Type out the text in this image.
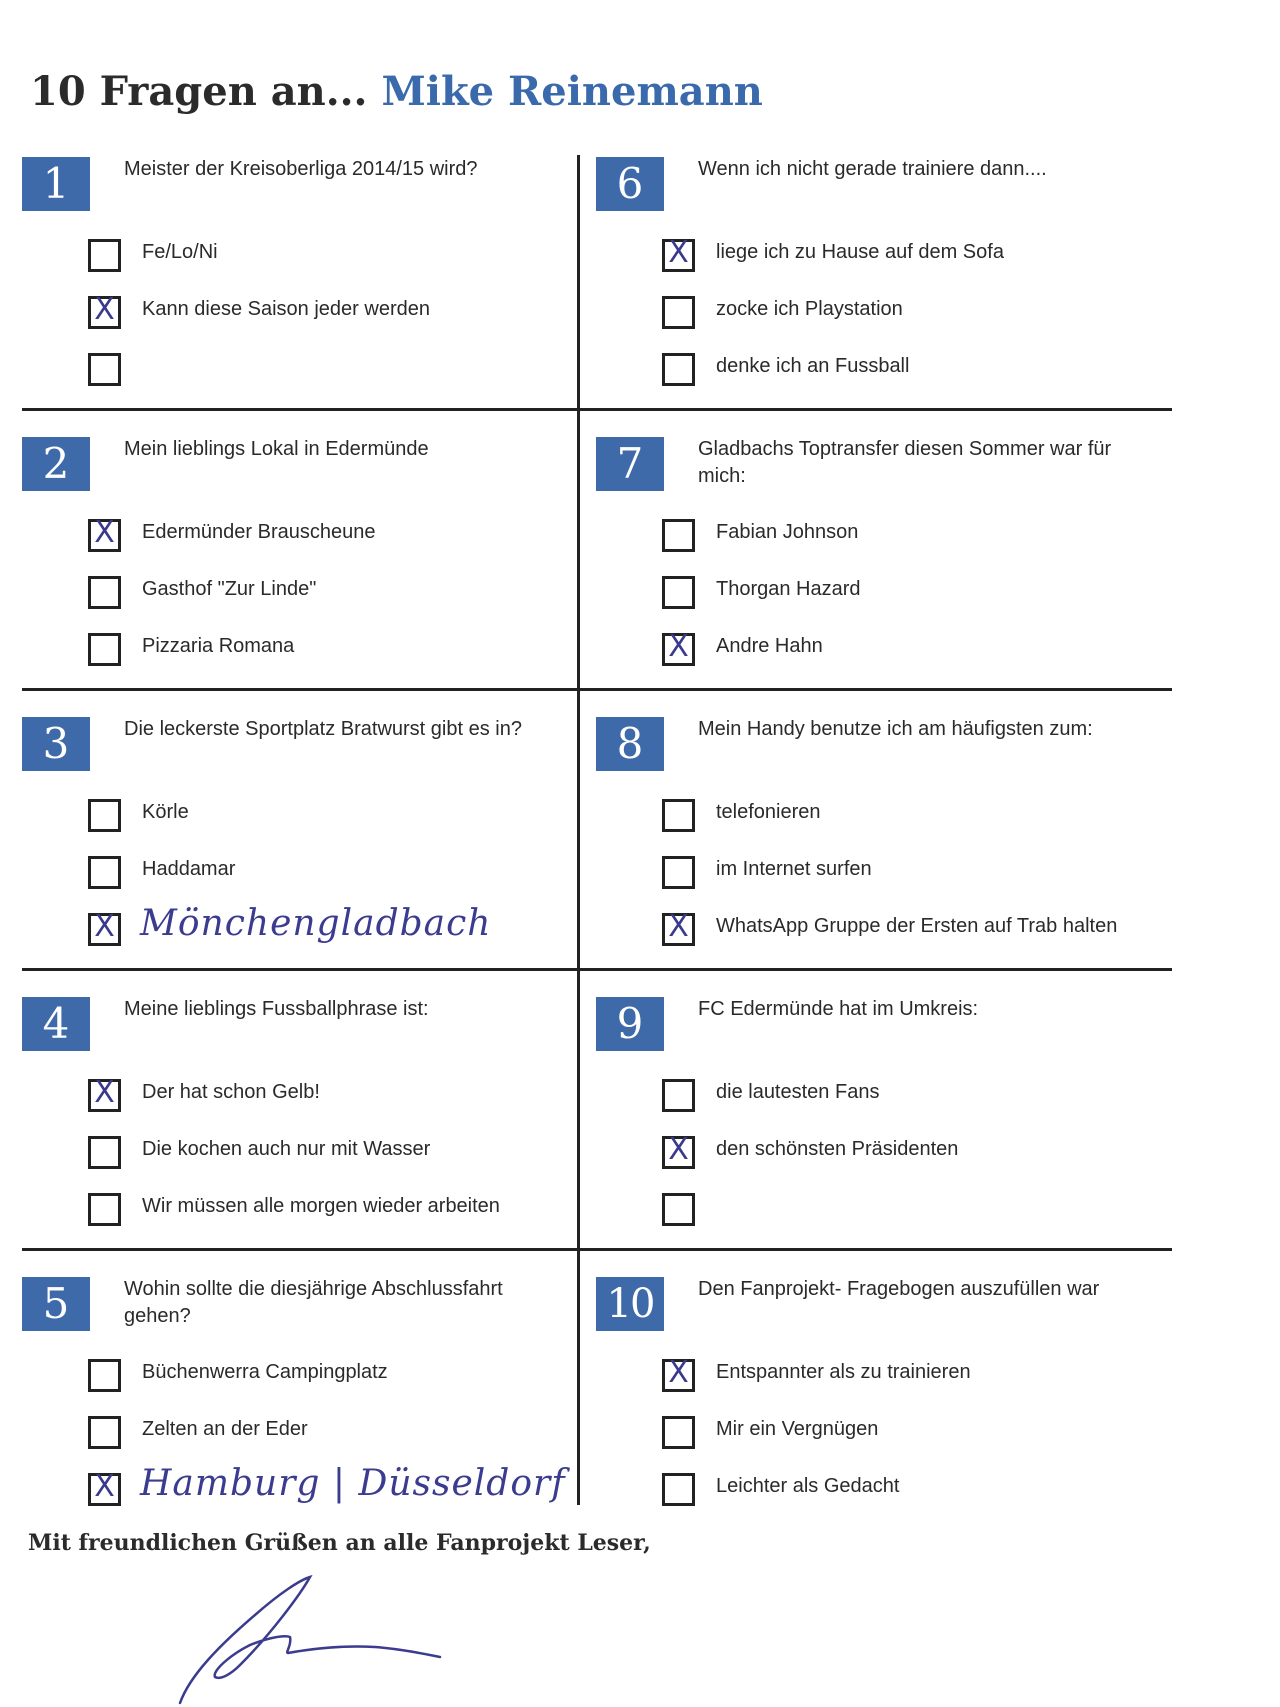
10 Fragen an... Mike Reinemann
1	Meister der Kreisoberliga 2014/15 wird?
Fe/Lo/Ni
X Kann diese Saison jeder werden
2	Mein lieblings Lokal in Edermünde
X Edermünder Brauscheune
Gasthof "Zur Linde"
Pizzaria Romana
3	Die leckerste Sportplatz Bratwurst gibt es in?
Körle
Haddamar
X Mönchengladbach
4	Meine lieblings Fussballphrase ist:
X Der hat schon Gelb!
Die kochen auch nur mit Wasser
Wir müssen alle morgen wieder arbeiten
5	Wohin sollte die diesjährige Abschlussfahrt gehen?
Büchenwerra Campingplatz
Zelten an der Eder
X Hamburg | Düsseldorf
6	Wenn ich nicht gerade trainiere dann....
X liege ich zu Hause auf dem Sofa
zocke ich Playstation
denke ich an Fussball
7	Gladbachs Toptransfer diesen Sommer war für mich:
Fabian Johnson
Thorgan Hazard
X Andre Hahn
8	Mein Handy benutze ich am häufigsten zum:
telefonieren
im Internet surfen
X WhatsApp Gruppe der Ersten auf Trab halten
9	FC Edermünde hat im Umkreis:
die lautesten Fans
X den schönsten Präsidenten
10	Den Fanprojekt- Fragebogen auszufüllen war
X Entspannter als zu trainieren
Mir ein Vergnügen
Leichter als Gedacht
Mit freundlichen Grüßen an alle Fanprojekt Leser,
